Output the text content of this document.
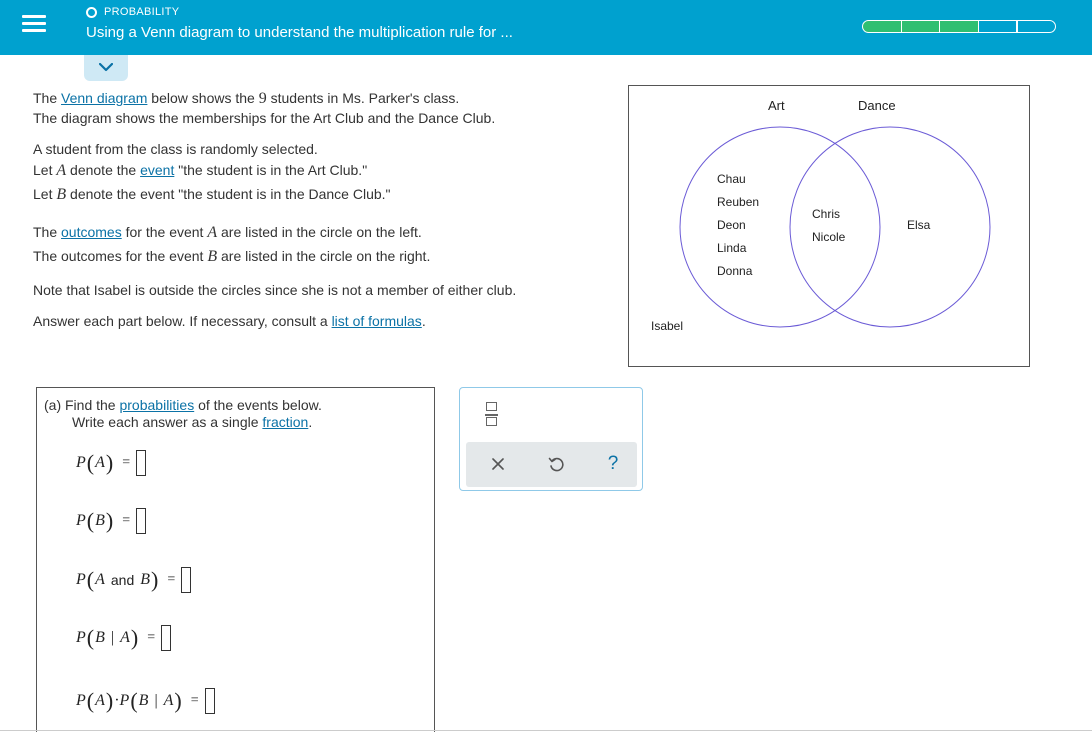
PROBABILITY
Using a Venn diagram to understand the multiplication rule for ...
The Venn diagram below shows the 9 students in Ms. Parker's class.
The diagram shows the memberships for the Art Club and the Dance Club.
A student from the class is randomly selected.
Let A denote the event "the student is in the Art Club."
Let B denote the event "the student is in the Dance Club."
The outcomes for the event A are listed in the circle on the left.
The outcomes for the event B are listed in the circle on the right.
Note that Isabel is outside the circles since she is not a member of either club.
Answer each part below. If necessary, consult a list of formulas.
Art	Dance
Chau
Reuben
Deon
Linda
Donna
Chris
Nicole
Elsa
Isabel
(a) Find the probabilities of the events below.
Write each answer as a single fraction.
P ( A ) =
P ( B ) =
P ( A and B ) =
P ( B | A ) =
P ( A ) · P ( B | A ) =
?
